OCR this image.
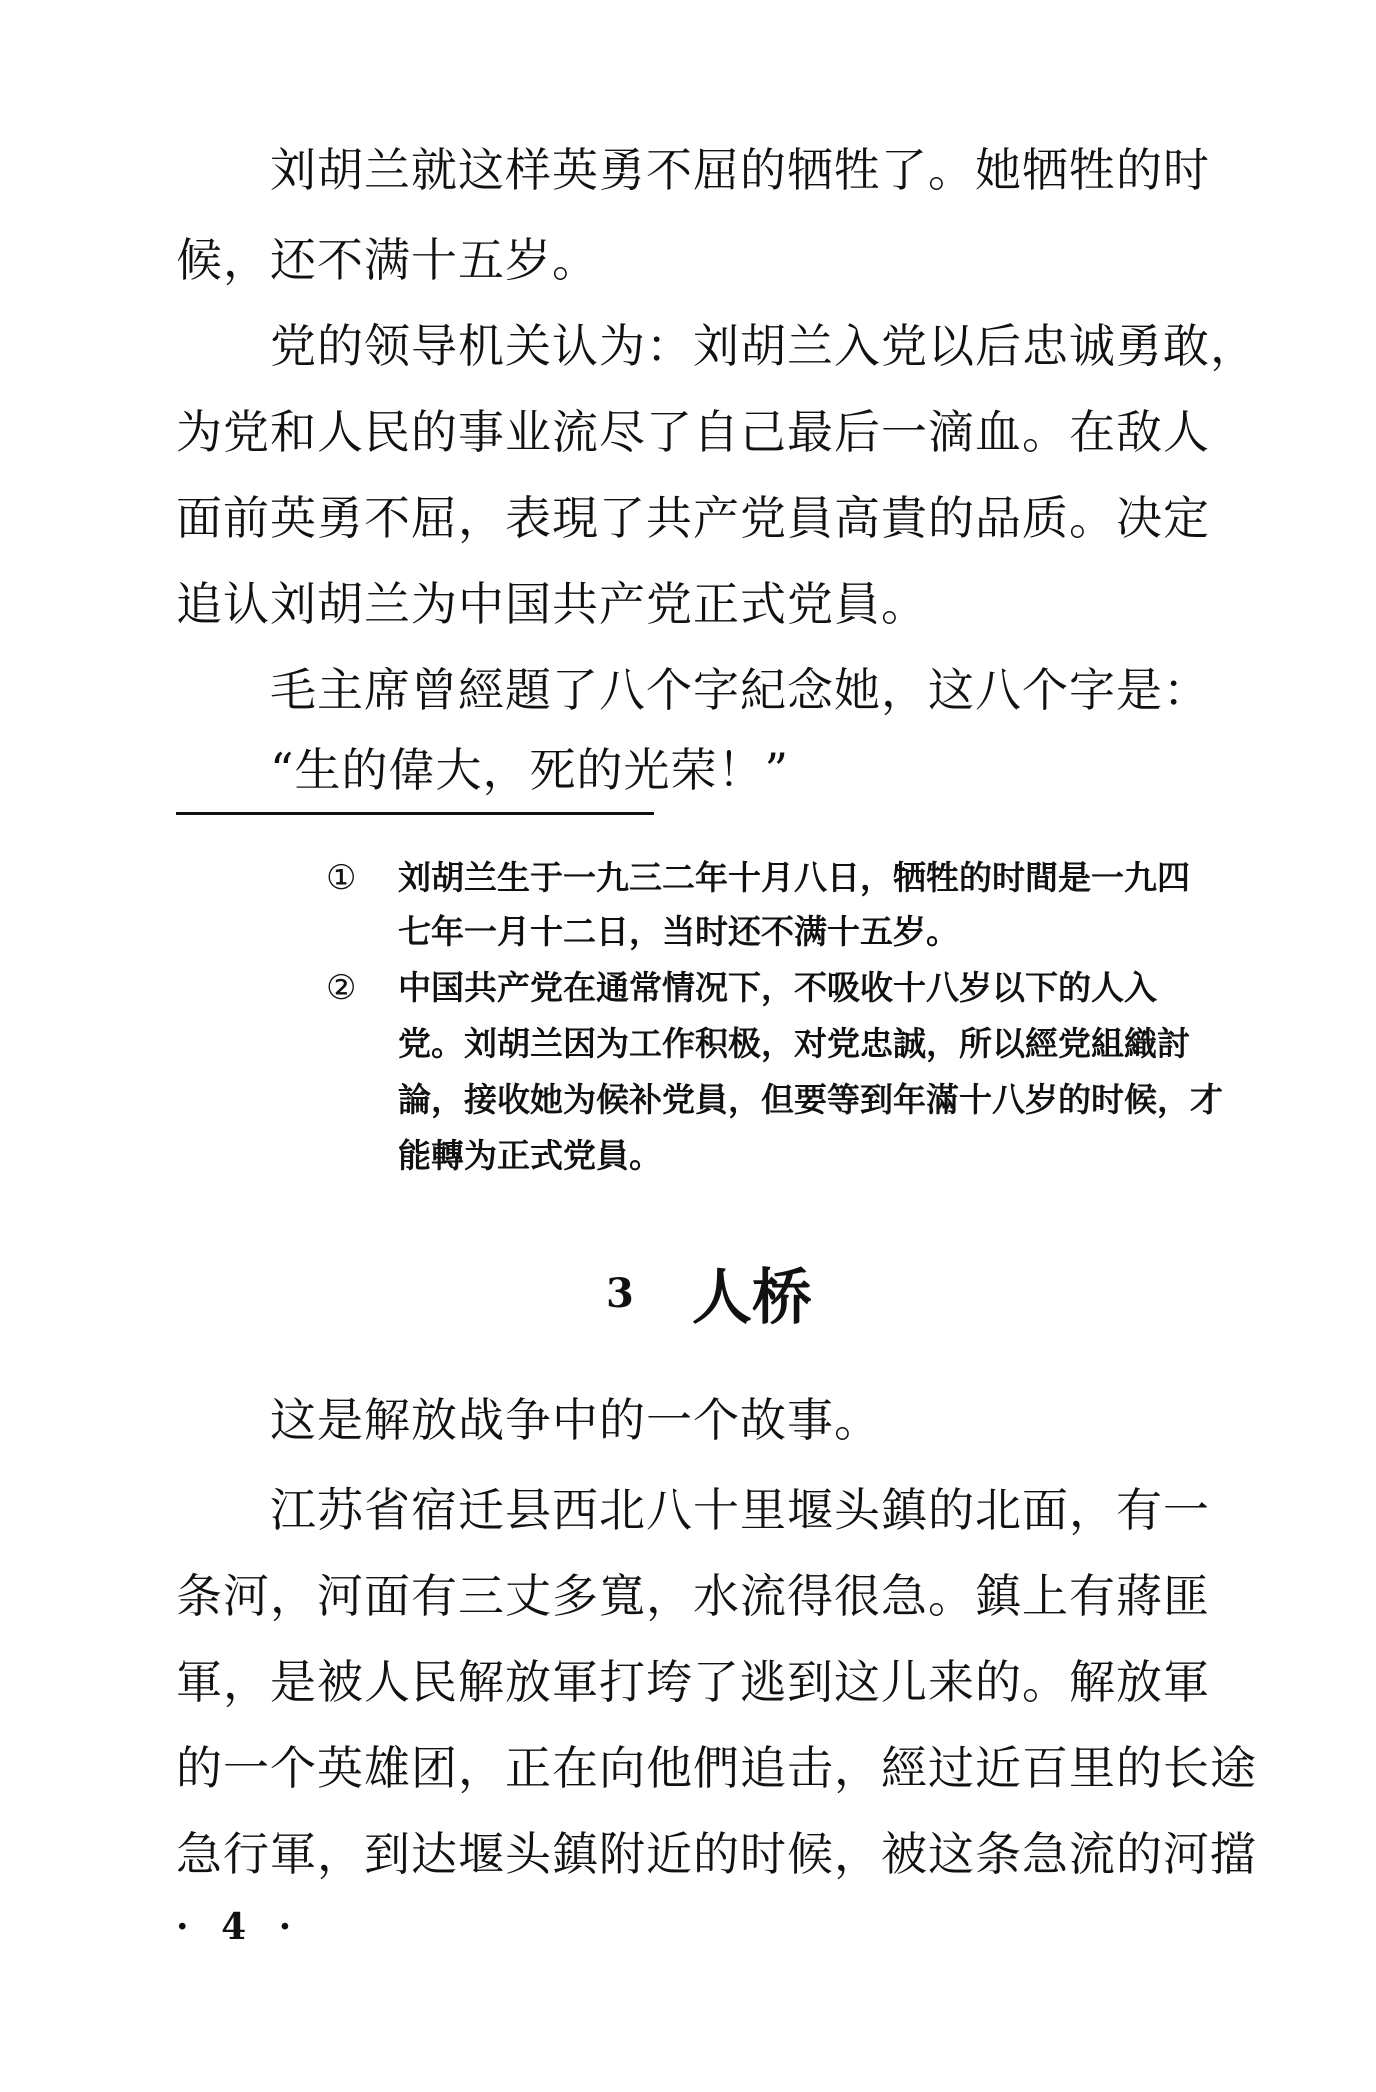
刘胡兰就这样英勇不屈的牺牲了。她牺牲的时
候，还不满十五岁。
党的领导机关认为：刘胡兰入党以后忠诚勇敢，
为党和人民的事业流尽了自己最后一滴血。在敌人
面前英勇不屈，表現了共产党員高貴的品质。决定
追认刘胡兰为中国共产党正式党員。
毛主席曾經題了八个字紀念她，这八个字是：
“生的偉大，死的光荣！”
① 刘胡兰生于一九三二年十月八日，牺牲的时間是一九四
七年一月十二日，当时还不满十五岁。
② 中国共产党在通常情况下，不吸收十八岁以下的人入
党。刘胡兰因为工作积极，对党忠誠，所以經党組織討
論，接收她为候补党員，但要等到年滿十八岁的时候，才
能轉为正式党員。
3 人桥
这是解放战争中的一个故事。
江苏省宿迁县西北八十里堰头鎮的北面，有一
条河，河面有三丈多寬，水流得很急。鎮上有蔣匪
軍，是被人民解放軍打垮了逃到这儿来的。解放軍
的一个英雄团，正在向他們追击，經过近百里的长途
急行軍，到达堰头鎮附近的时候，被这条急流的河擋
· 4 ·
